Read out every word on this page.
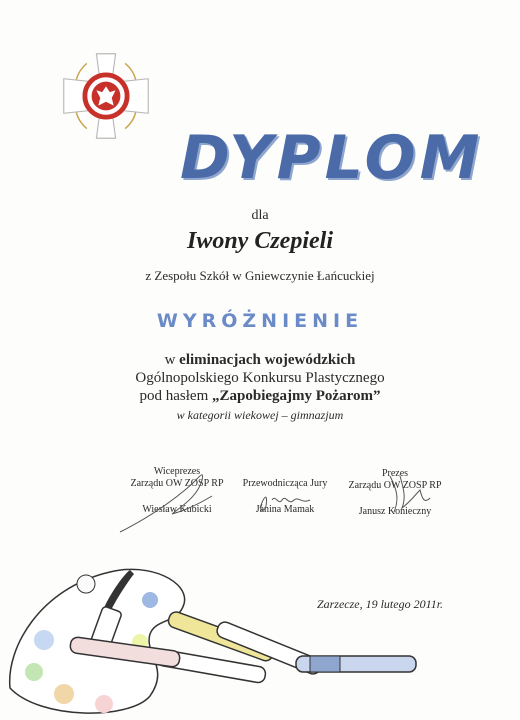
DYPLOM
dla
Iwony Czepieli
z Zespołu Szkół w Gniewczynie Łańcuckiej
WYRÓŻNIENIE
w eliminacjach wojewódzkich
Ogólnopolskiego Konkursu Plastycznego
pod hasłem „Zapobiegajmy Pożarom”
w kategorii wiekowej – gimnazjum
Wiceprezes
Zarządu OW ZOSP RP
Wiesław Kubicki
Przewodnicząca Jury
Janina Mamak
Prezes
Zarządu OW ZOSP RP
Janusz Konieczny
Zarzecze, 19 lutego 2011r.
